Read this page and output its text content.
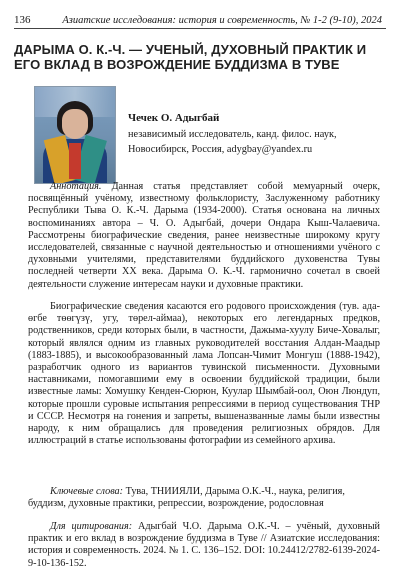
136	Азиатские исследования: история и современность, № 1-2 (9-10), 2024
ДАРЫМА О. К.-Ч. — УЧЕНЫЙ, ДУХОВНЫЙ ПРАКТИК И ЕГО ВКЛАД В ВОЗРОЖДЕНИЕ БУДДИЗМА В ТУВЕ
Чечек О. Адыгбай
независимый исследователь, канд. филос. наук,
Новосибирск, Россия, adygbay@yandex.ru

Аннотация. Данная статья представляет собой мемуарный очерк, посвящённый учёному, известному фольклористу, Заслуженному работнику Республики Тыва О. К.-Ч. Дарыма (1934-2000). Статья основана на личных воспоминаниях автора – Ч. О. Адыгбай, дочери Ондара Кыш-Чалаевича. Рассмотрены биографические сведения, ранее неизвестные широкому кругу исследователей, связанные с научной деятельностью и отношениями учёного с духовными учителями, представителями буддийского духовенства Тувы последней четверти XX века. Дарыма О. К.-Ч. гармонично сочетал в своей деятельности служение интересам науки и духовные практики.

Биографические сведения касаются его родового происхождения (тув. ада-өгбе төөгүзү, угу, төрел-аймаа), некоторых его легендарных предков, родственников, среди которых были, в частности, Дажыма-хуулу Биче-Ховалыг, который являлся одним из главных руководителей восстания Алдан-Маадыр (1883-1885), и высокообразованный лама Лопсан-Чимит Монгуш (1888-1942), разработчик одного из вариантов тувинской письменности. Духовными наставниками, помогавшими ему в освоении буддийской традиции, были известные ламы: Хомушку Кенден-Сюрюн, Куулар Шымбай-оол, Оюн Люндуп, которые прошли суровые испытания репрессиями в период существования ТНР и СССР. Несмотря на гонения и запреты, вышеназванные ламы были известны народу, к ним обращались для проведения религиозных обрядов. Для иллюстраций в статье использованы фотографии из семейного архива.

Ключевые слова: Тува, ТНИИЯЛИ, Дарыма О.К.-Ч., наука, религия, буддизм, духовные практики, репрессии, возрождение, родословная

Для цитирования: Адыгбай Ч.О. Дарыма О.К.-Ч. – учёный, духовный практик и его вклад в возрождение буддизма в Туве // Азиатские исследования: история и современность. 2024. № 1. С. 136–152. DOI: 10.24412/2782-6139-2024-9-10-136-152.
